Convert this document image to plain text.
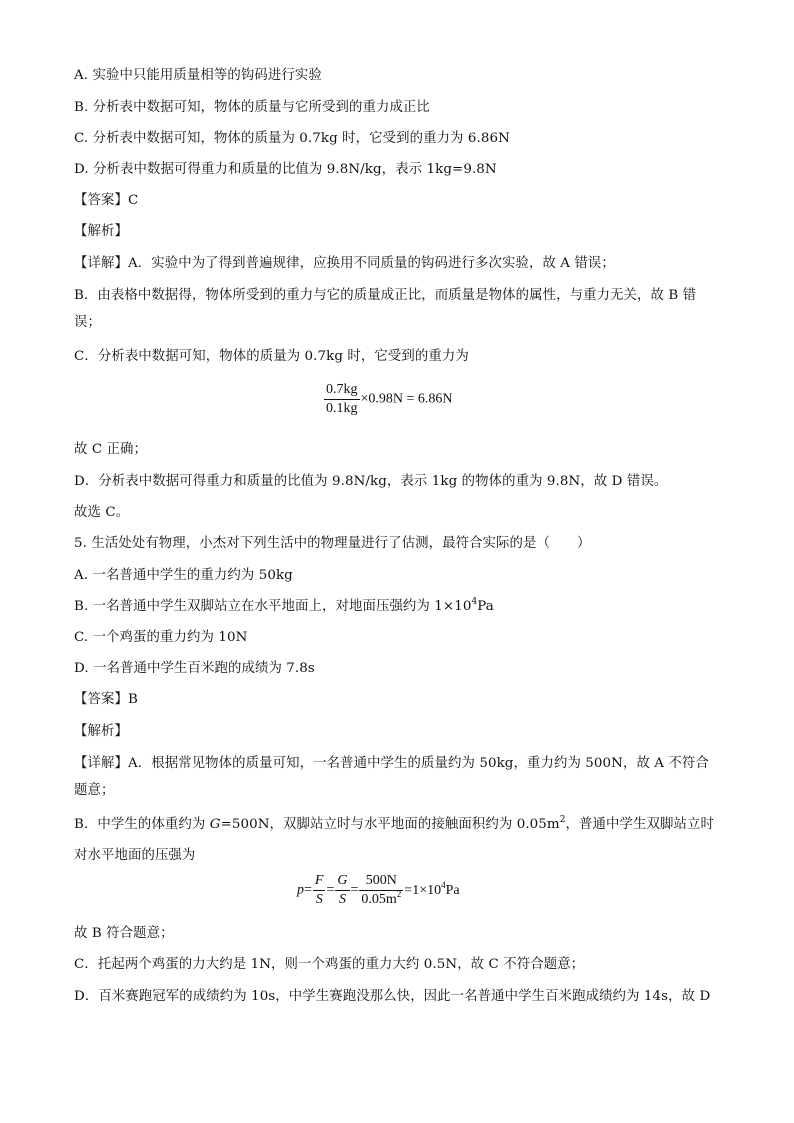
A. 实验中只能用质量相等的钩码进行实验
B. 分析表中数据可知，物体的质量与它所受到的重力成正比
C. 分析表中数据可知，物体的质量为 0.7kg 时，它受到的重力为 6.86N
D. 分析表中数据可得重力和质量的比值为 9.8N/kg，表示 1kg=9.8N
【答案】C
【解析】
【详解】A．实验中为了得到普遍规律，应换用不同质量的钩码进行多次实验，故 A 错误；
B．由表格中数据得，物体所受到的重力与它的质量成正比，而质量是物体的属性，与重力无关，故 B 错误；
C．分析表中数据可知，物体的质量为 0.7kg 时，它受到的重力为
$\frac{0.7kg}{0.1kg} \times 0.98N = 6.86N$
故 C 正确；
D．分析表中数据可得重力和质量的比值为 9.8N/kg，表示 1kg 的物体的重为 9.8N，故 D 错误。
故选 C。
5. 生活处处有物理，小杰对下列生活中的物理量进行了估测，最符合实际的是（　　）
A. 一名普通中学生的重力约为 50kg
B. 一名普通中学生双脚站立在水平地面上，对地面压强约为 $1\times 10^4Pa$
C. 一个鸡蛋的重力约为 10N
D. 一名普通中学生百米跑的成绩为 7.8s
【答案】B
【解析】
【详解】A．根据常见物体的质量可知，一名普通中学生的质量约为 50kg，重力约为 500N，故 A 不符合题意；
B．中学生的体重约为 G=500N，双脚站立时与水平地面的接触面积约为 $0.05m^2$，普通中学生双脚站立时
对水平地面的压强为
$p= \frac{F}{S} = \frac{G}{S} = \frac{500N}{0.05m^2} =1\times 10^4Pa$
故 B 符合题意；
C．托起两个鸡蛋的力大约是 1N，则一个鸡蛋的重力大约 0.5N，故 C 不符合题意；
D．百米赛跑冠军的成绩约为 10s，中学生赛跑没那么快，因此一名普通中学生百米跑成绩约为 14s，故 D
